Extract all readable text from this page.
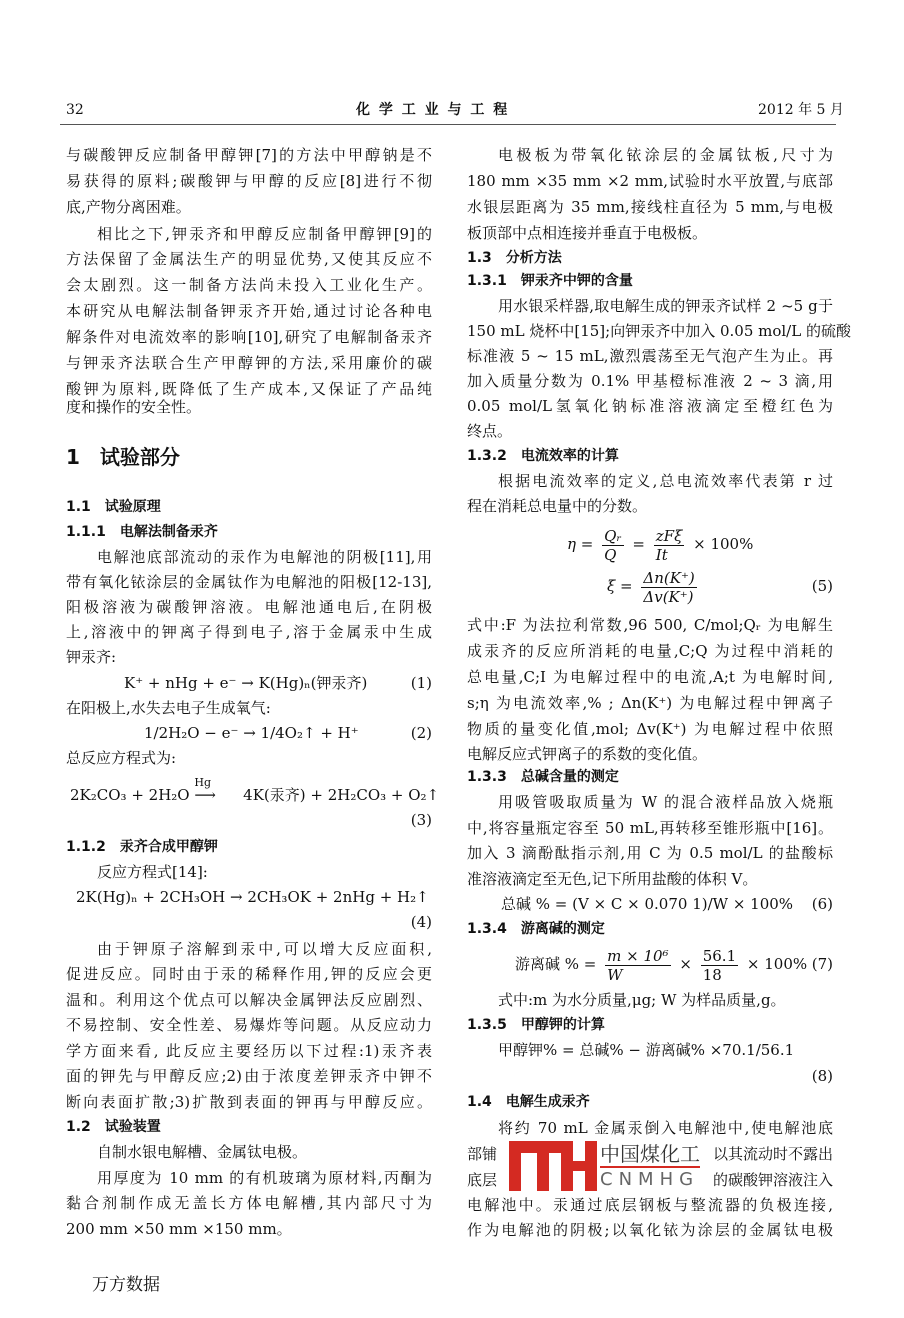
32	化 学 工 业 与 工 程	2012 年 5 月
与碳酸钾反应制备甲醇钾[7]的方法中甲醇钠是不
易获得的原料;碳酸钾与甲醇的反应[8]进行不彻
底,产物分离困难。
相比之下,钾汞齐和甲醇反应制备甲醇钾[9]的
方法保留了金属法生产的明显优势,又使其反应不
会太剧烈。这一制备方法尚未投入工业化生产。
本研究从电解法制备钾汞齐开始,通过讨论各种电
解条件对电流效率的影响[10],研究了电解制备汞齐
与钾汞齐法联合生产甲醇钾的方法,采用廉价的碳
酸钾为原料,既降低了生产成本,又保证了产品纯
度和操作的安全性。
1　试验部分
1.1　试验原理
1.1.1　电解法制备汞齐
电解池底部流动的汞作为电解池的阴极[11],用
带有氧化铱涂层的金属钛作为电解池的阳极[12-13],
阳极溶液为碳酸钾溶液。电解池通电后,在阴极
上,溶液中的钾离子得到电子,溶于金属汞中生成
钾汞齐:
K⁺ + nHg + e⁻ → K(Hg)ₙ(钾汞齐)	(1)
在阳极上,水失去电子生成氧气:
1/2H₂O − e⁻ → 1/4O₂↑ + H⁺	(2)
总反应方程式为:
2K₂CO₃ + 2H₂O
Hg
⟶ 4K(汞齐) + 2H₂CO₃ + O₂↑
(3)
1.1.2　汞齐合成甲醇钾
反应方程式[14]:
2K(Hg)ₙ + 2CH₃OH → 2CH₃OK + 2nHg + H₂↑
(4)
由于钾原子溶解到汞中,可以增大反应面积,
促进反应。同时由于汞的稀释作用,钾的反应会更
温和。利用这个优点可以解决金属钾法反应剧烈、
不易控制、安全性差、易爆炸等问题。从反应动力
学方面来看, 此反应主要经历以下过程:1)汞齐表
面的钾先与甲醇反应;2)由于浓度差钾汞齐中钾不
断向表面扩散;3)扩散到表面的钾再与甲醇反应。
1.2　试验装置
自制水银电解槽、金属钛电极。
用厚度为 10 mm 的有机玻璃为原材料,丙酮为
黏合剂制作成无盖长方体电解槽,其内部尺寸为
200 mm ×50 mm ×150 mm。
电极板为带氧化铱涂层的金属钛板,尺寸为
180 mm ×35 mm ×2 mm,试验时水平放置,与底部
水银层距离为 35 mm,接线柱直径为 5 mm,与电极
板顶部中点相连接并垂直于电极板。
1.3　分析方法
1.3.1　钾汞齐中钾的含量
用水银采样器,取电解生成的钾汞齐试样 2 ~5 g于
150 mL 烧杯中[15];向钾汞齐中加入 0.05 mol/L 的硫酸
标准液 5 ~ 15 mL,激烈震荡至无气泡产生为止。再
加入质量分数为 0.1% 甲基橙标准液 2 ~ 3 滴,用
0.05 mol/L氢氧化钠标准溶液滴定至橙红色为
终点。
1.3.2　电流效率的计算
根据电流效率的定义,总电流效率代表第 r 过
程在消耗总电量中的分数。
$\eta = \frac{\text{Qᵣ}}{Q} = \frac{\text{zFξ}}{It} \times 100\%$
$\xi = \frac{\Delta n(K^+)}{\Delta v(K^+)}$	(5)
式中:F 为法拉利常数,96 500, C/mol;Qᵣ 为电解生
成汞齐的反应所消耗的电量,C;Q 为过程中消耗的
总电量,C;I 为电解过程中的电流,A;t 为电解时间,
s;η 为电流效率,% ; Δn(K⁺) 为电解过程中钾离子
物质的量变化值,mol; Δv(K⁺) 为电解过程中依照
电解反应式钾离子的系数的变化值。
1.3.3　总碱含量的测定
用吸管吸取质量为 W 的混合液样品放入烧瓶
中,将容量瓶定容至 50 mL,再转移至锥形瓶中[16]。
加入 3 滴酚酞指示剂,用 C 为 0.5 mol/L 的盐酸标
准溶液滴定至无色,记下所用盐酸的体积 V。
总碱 % = (V × C × 0.070 1)/W × 100% (6)
1.3.4　游离碱的测定
游离碱 % = $\frac{\text{m × 10⁶}}{W} \times \frac{56.1}{18} \times 100\%$ (7)
式中:m 为水分质量,μg; W 为样品质量,g。
1.3.5　甲醇钾的计算
甲醇钾% = 总碱% − 游离碱% ×70.1/56.1
(8)
1.4　电解生成汞齐
将约 70 mL 金属汞倒入电解池中,使电解池底
部铺	以其流动时不露出
底层	的碳酸钾溶液注入
电解池中。汞通过底层钢板与整流器的负极连接,
作为电解池的阴极;以氧化铱为涂层的金属钛电极
中国煤化工
CNMHG
万方数据
